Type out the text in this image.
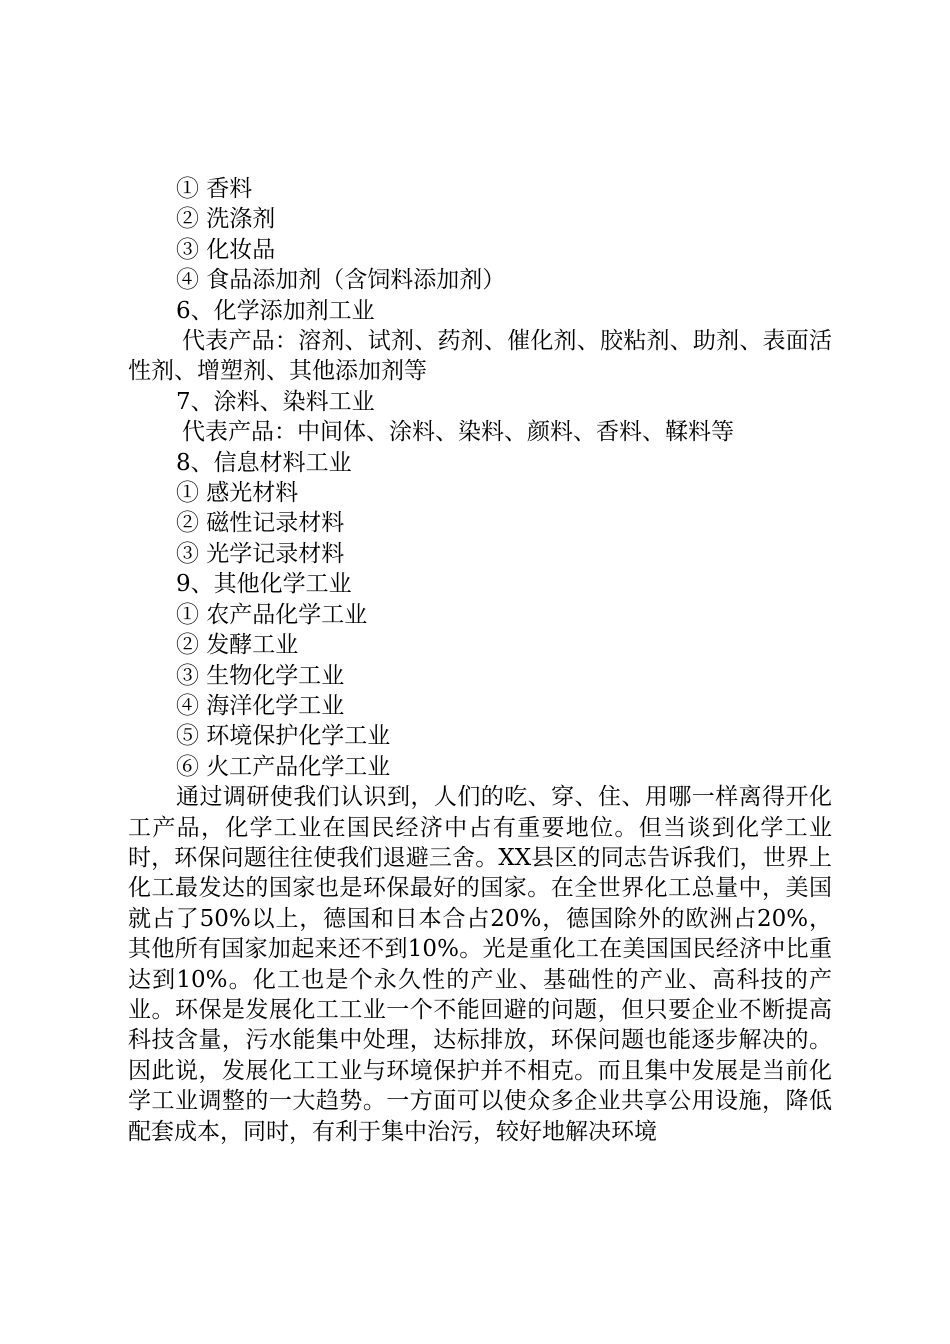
① 香料
② 洗涤剂
③ 化妆品
④ 食品添加剂（含饲料添加剂）
6、化学添加剂工业

代表产品：溶剂、试剂、药剂、催化剂、胶粘剂、助剂、表面活性剂、增塑剂、其他添加剂等

7、涂料、染料工业
代表产品：中间体、涂料、染料、颜料、香料、鞣料等
8、信息材料工业
① 感光材料
② 磁性记录材料
③ 光学记录材料
9、其他化学工业
① 农产品化学工业
② 发酵工业
③ 生物化学工业
④ 海洋化学工业
⑤ 环境保护化学工业
⑥ 火工产品化学工业

通过调研使我们认识到，人们的吃、穿、住、用哪一样离得开化工产品，化学工业在国民经济中占有重要地位。但当谈到化学工业时，环保问题往往使我们退避三舍。XX县区的同志告诉我们，世界上化工最发达的国家也是环保最好的国家。在全世界化工总量中，美国就占了50%以上，德国和日本合占20%，德国除外的欧洲占20%，其他所有国家加起来还不到10%。光是重化工在美国国民经济中比重达到10%。化工也是个永久性的产业、基础性的产业、高科技的产业。环保是发展化工工业一个不能回避的问题，但只要企业不断提高科技含量，污水能集中处理，达标排放，环保问题也能逐步解决的。因此说，发展化工工业与环境保护并不相克。而且集中发展是当前化学工业调整的一大趋势。一方面可以使众多企业共享公用设施，降低配套成本，同时，有利于集中治污，较好地解决环境
